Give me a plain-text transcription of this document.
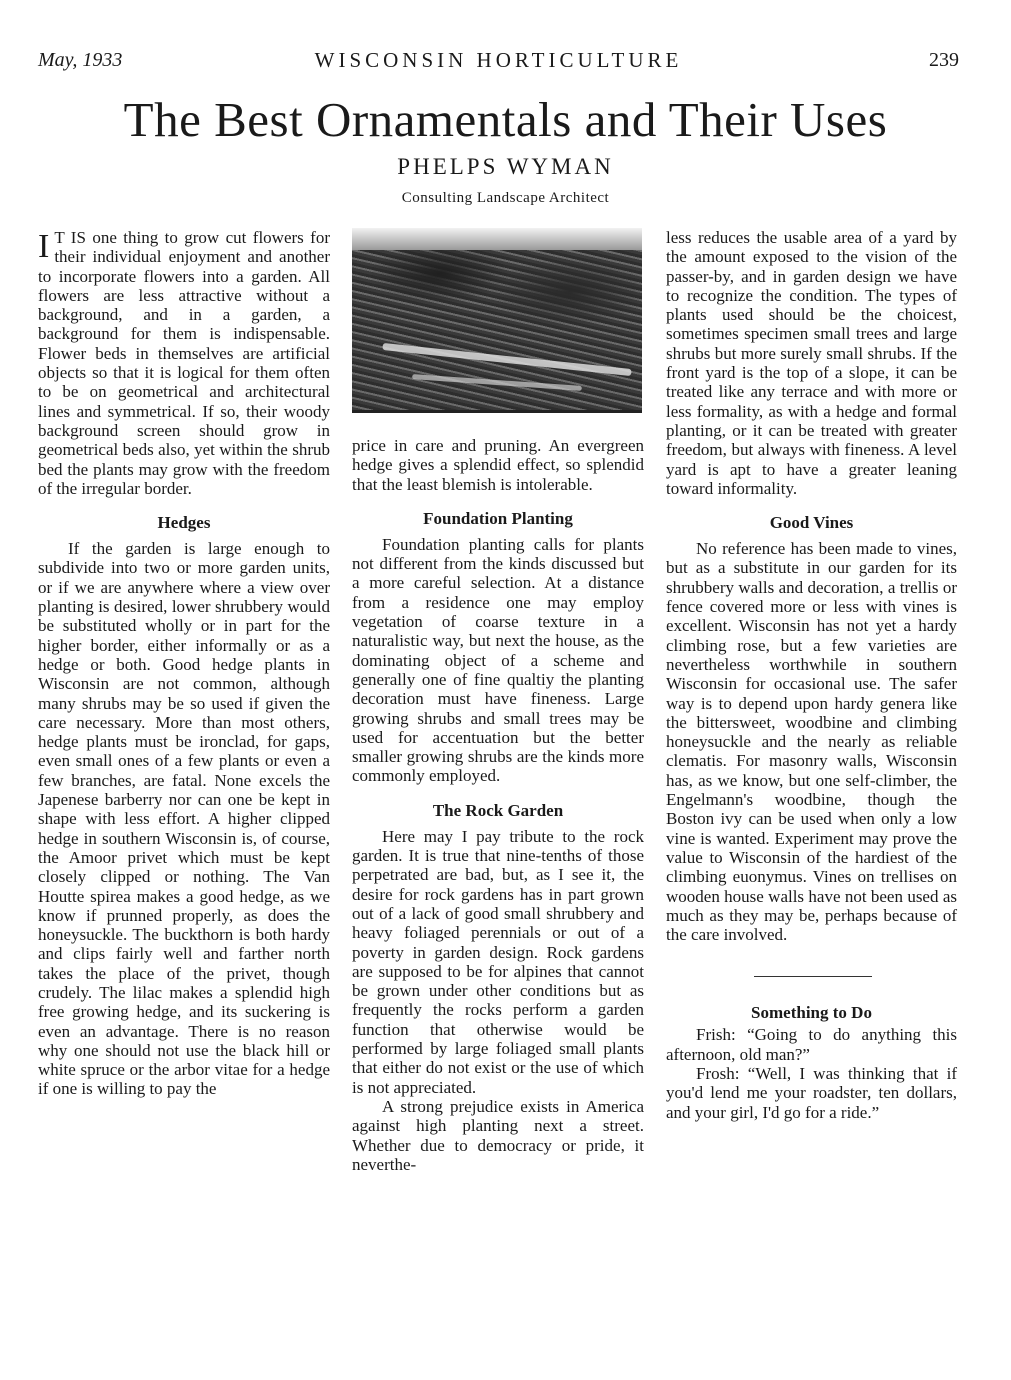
May, 1933	WISCONSIN HORTICULTURE	239
The Best Ornamentals and Their Uses
PHELPS WYMAN
Consulting Landscape Architect

I T IS one thing to grow cut flowers for their individual enjoyment and another to incorporate flowers into a garden. All flowers are less attractive without a background, and in a garden, a background for them is indispensable. Flower beds in themselves are artificial objects so that it is logical for them often to be on geometrical and architectural lines and symmetrical. If so, their woody background screen should grow in geometrical beds also, yet within the shrub bed the plants may grow with the freedom of the irregular border.

Hedges

If the garden is large enough to subdivide into two or more garden units, or if we are anywhere where a view over planting is desired, lower shrubbery would be substituted wholly or in part for the higher border, either informally or as a hedge or both. Good hedge plants in Wisconsin are not common, although many shrubs may be so used if given the care necessary. More than most others, hedge plants must be ironclad, for gaps, even small ones of a few plants or even a few branches, are fatal. None excels the Japenese barberry nor can one be kept in shape with less effort. A higher clipped hedge in southern Wisconsin is, of course, the Amoor privet which must be kept closely clipped or nothing. The Van Houtte spirea makes a good hedge, as we know if prunned properly, as does the honeysuckle. The buckthorn is both hardy and clips fairly well and farther north takes the place of the privet, though crudely. The lilac makes a splendid high free growing hedge, and its suckering is even an advantage. There is no reason why one should not use the black hill or white spruce or the arbor vitae for a hedge if one is willing to pay the

price in care and pruning. An evergreen hedge gives a splendid effect, so splendid that the least blemish is intolerable.

Foundation Planting

Foundation planting calls for plants not different from the kinds discussed but a more careful selection. At a distance from a residence one may employ vegetation of coarse texture in a naturalistic way, but next the house, as the dominating object of a scheme and generally one of fine qualtiy the planting decoration must have fineness. Large growing shrubs and small trees may be used for accentuation but the better smaller growing shrubs are the kinds more commonly employed.

The Rock Garden

Here may I pay tribute to the rock garden. It is true that nine-tenths of those perpetrated are bad, but, as I see it, the desire for rock gardens has in part grown out of a lack of good small shrubbery and heavy foliaged perennials or out of a poverty in garden design. Rock gardens are supposed to be for alpines that cannot be grown under other conditions but as frequently the rocks perform a garden function that otherwise would be performed by large foliaged small plants that either do not exist or the use of which is not appreciated.

A strong prejudice exists in America against high planting next a street. Whether due to democracy or pride, it neverthe-

less reduces the usable area of a yard by the amount exposed to the vision of the passer-by, and in garden design we have to recognize the condition. The types of plants used should be the choicest, sometimes specimen small trees and large shrubs but more surely small shrubs. If the front yard is the top of a slope, it can be treated like any terrace and with more or less formality, as with a hedge and formal planting, or it can be treated with greater freedom, but always with fineness. A level yard is apt to have a greater leaning toward informality.

Good Vines

No reference has been made to vines, but as a substitute in our garden for its shrubbery walls and decoration, a trellis or fence covered more or less with vines is excellent. Wisconsin has not yet a hardy climbing rose, but a few varieties are nevertheless worthwhile in southern Wisconsin for occasional use. The safer way is to depend upon hardy genera like the bittersweet, woodbine and climbing honeysuckle and the nearly as reliable clematis. For masonry walls, Wisconsin has, as we know, but one self-climber, the Engelmann's woodbine, though the Boston ivy can be used when only a low vine is wanted. Experiment may prove the value to Wisconsin of the hardiest of the climbing euonymus. Vines on trellises on wooden house walls have not been used as much as they may be, perhaps because of the care involved.

Something to Do

Frish: “Going to do anything this afternoon, old man?”

Frosh: “Well, I was thinking that if you'd lend me your roadster, ten dollars, and your girl, I'd go for a ride.”
